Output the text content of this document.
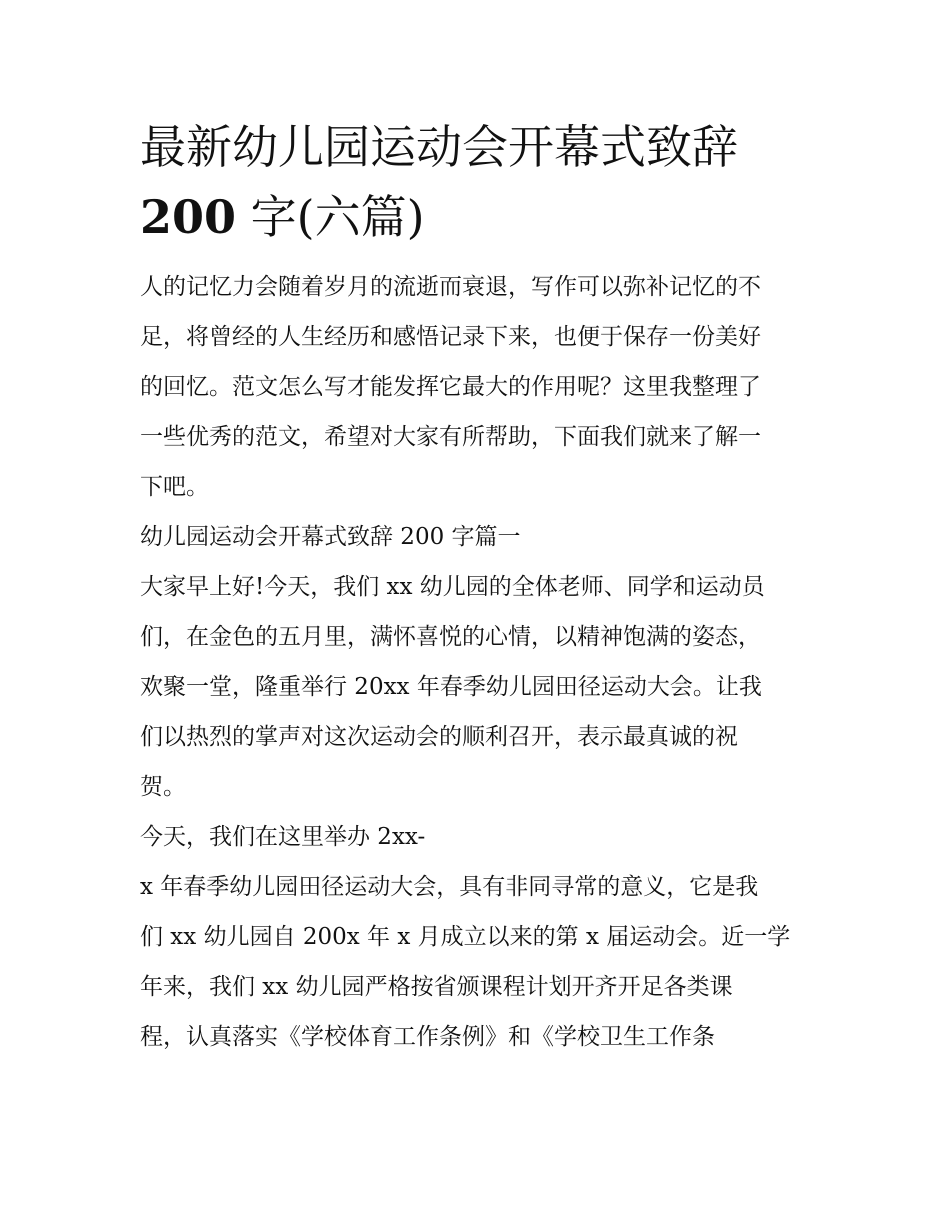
最新幼儿园运动会开幕式致辞
200 字(六篇)
人的记忆力会随着岁月的流逝而衰退，写作可以弥补记忆的不
足，将曾经的人生经历和感悟记录下来，也便于保存一份美好
的回忆。范文怎么写才能发挥它最大的作用呢？这里我整理了
一些优秀的范文，希望对大家有所帮助，下面我们就来了解一
下吧。
幼儿园运动会开幕式致辞 200 字篇一
大家早上好!今天，我们 xx 幼儿园的全体老师、同学和运动员
们，在金色的五月里，满怀喜悦的心情，以精神饱满的姿态，
欢聚一堂，隆重举行 20xx 年春季幼儿园田径运动大会。让我
们以热烈的掌声对这次运动会的顺利召开，表示最真诚的祝
贺。
今天，我们在这里举办 2xx-
x 年春季幼儿园田径运动大会，具有非同寻常的意义，它是我
们 xx 幼儿园自 200x 年 x 月成立以来的第 x 届运动会。近一学
年来，我们 xx 幼儿园严格按省颁课程计划开齐开足各类课
程，认真落实《学校体育工作条例》和《学校卫生工作条
